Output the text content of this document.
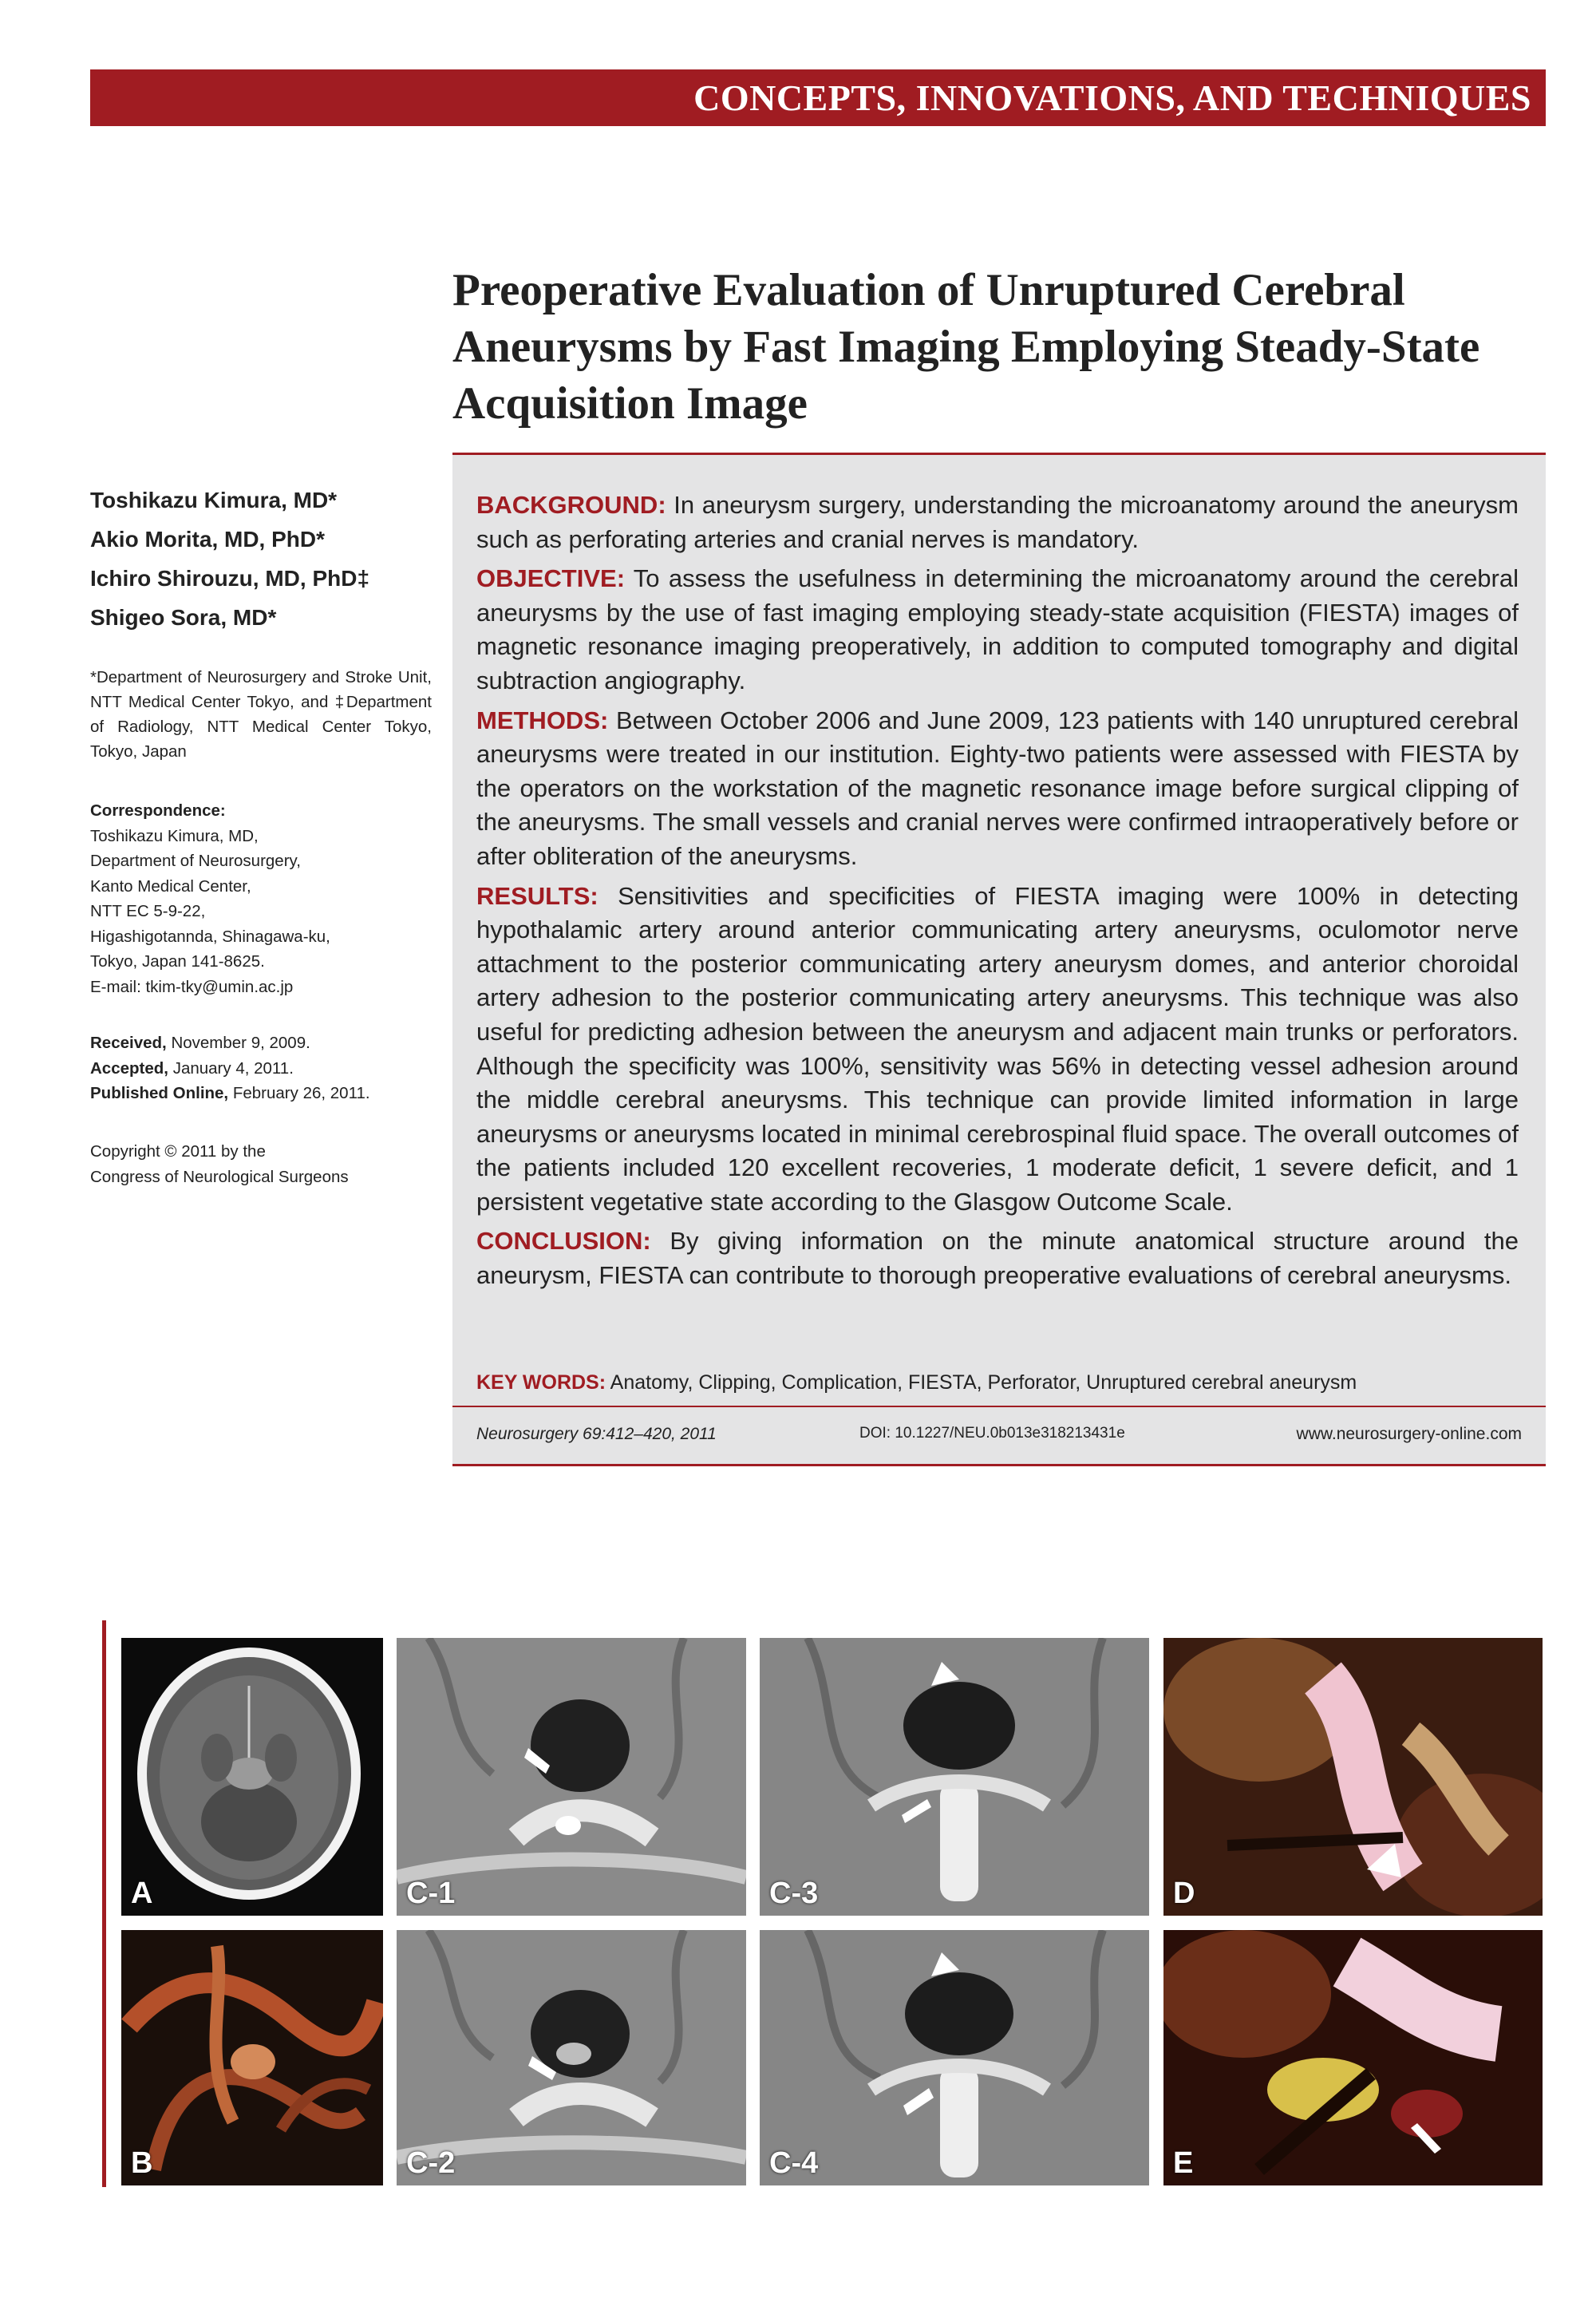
CONCEPTS, INNOVATIONS, AND TECHNIQUES
Preoperative Evaluation of Unruptured Cerebral Aneurysms by Fast Imaging Employing Steady-State Acquisition Image
Toshikazu Kimura, MD*
Akio Morita, MD, PhD*
Ichiro Shirouzu, MD, PhD‡
Shigeo Sora, MD*
*Department of Neurosurgery and Stroke Unit, NTT Medical Center Tokyo, and ‡Department of Radiology, NTT Medical Center Tokyo, Tokyo, Japan
Correspondence:
Toshikazu Kimura, MD,
Department of Neurosurgery,
Kanto Medical Center,
NTT EC 5-9-22,
Higashigotannda, Shinagawa-ku,
Tokyo, Japan 141-8625.
E-mail: tkim-tky@umin.ac.jp
Received, November 9, 2009.
Accepted, January 4, 2011.
Published Online, February 26, 2011.
Copyright © 2011 by the
Congress of Neurological Surgeons

BACKGROUND: In aneurysm surgery, understanding the microanatomy around the aneurysm such as perforating arteries and cranial nerves is mandatory.

OBJECTIVE: To assess the usefulness in determining the microanatomy around the cerebral aneurysms by the use of fast imaging employing steady-state acquisition (FIESTA) images of magnetic resonance imaging preoperatively, in addition to computed tomography and digital subtraction angiography.

METHODS: Between October 2006 and June 2009, 123 patients with 140 unruptured cerebral aneurysms were treated in our institution. Eighty-two patients were assessed with FIESTA by the operators on the workstation of the magnetic resonance image before surgical clipping of the aneurysms. The small vessels and cranial nerves were confirmed intraoperatively before or after obliteration of the aneurysms.

RESULTS: Sensitivities and specificities of FIESTA imaging were 100% in detecting hypothalamic artery around anterior communicating artery aneurysms, oculomotor nerve attachment to the posterior communicating artery aneurysm domes, and anterior choroidal artery adhesion to the posterior communicating artery aneurysms. This technique was also useful for predicting adhesion between the aneurysm and adjacent main trunks or perforators. Although the specificity was 100%, sensitivity was 56% in detecting vessel adhesion around the middle cerebral aneurysms. This technique can provide limited information in large aneurysms or aneurysms located in minimal cerebrospinal fluid space. The overall outcomes of the patients included 120 excellent recoveries, 1 moderate deficit, 1 severe deficit, and 1 persistent vegetative state according to the Glasgow Outcome Scale.

CONCLUSION: By giving information on the minute anatomical structure around the aneurysm, FIESTA can contribute to thorough preoperative evaluations of cerebral aneurysms.

KEY WORDS: Anatomy, Clipping, Complication, FIESTA, Perforator, Unruptured cerebral aneurysm
Neurosurgery 69:412–420, 2011	DOI: 10.1227/NEU.0b013e318213431e	www.neurosurgery-online.com
A
B
C-1
C-2
C-3
C-4
D
E
